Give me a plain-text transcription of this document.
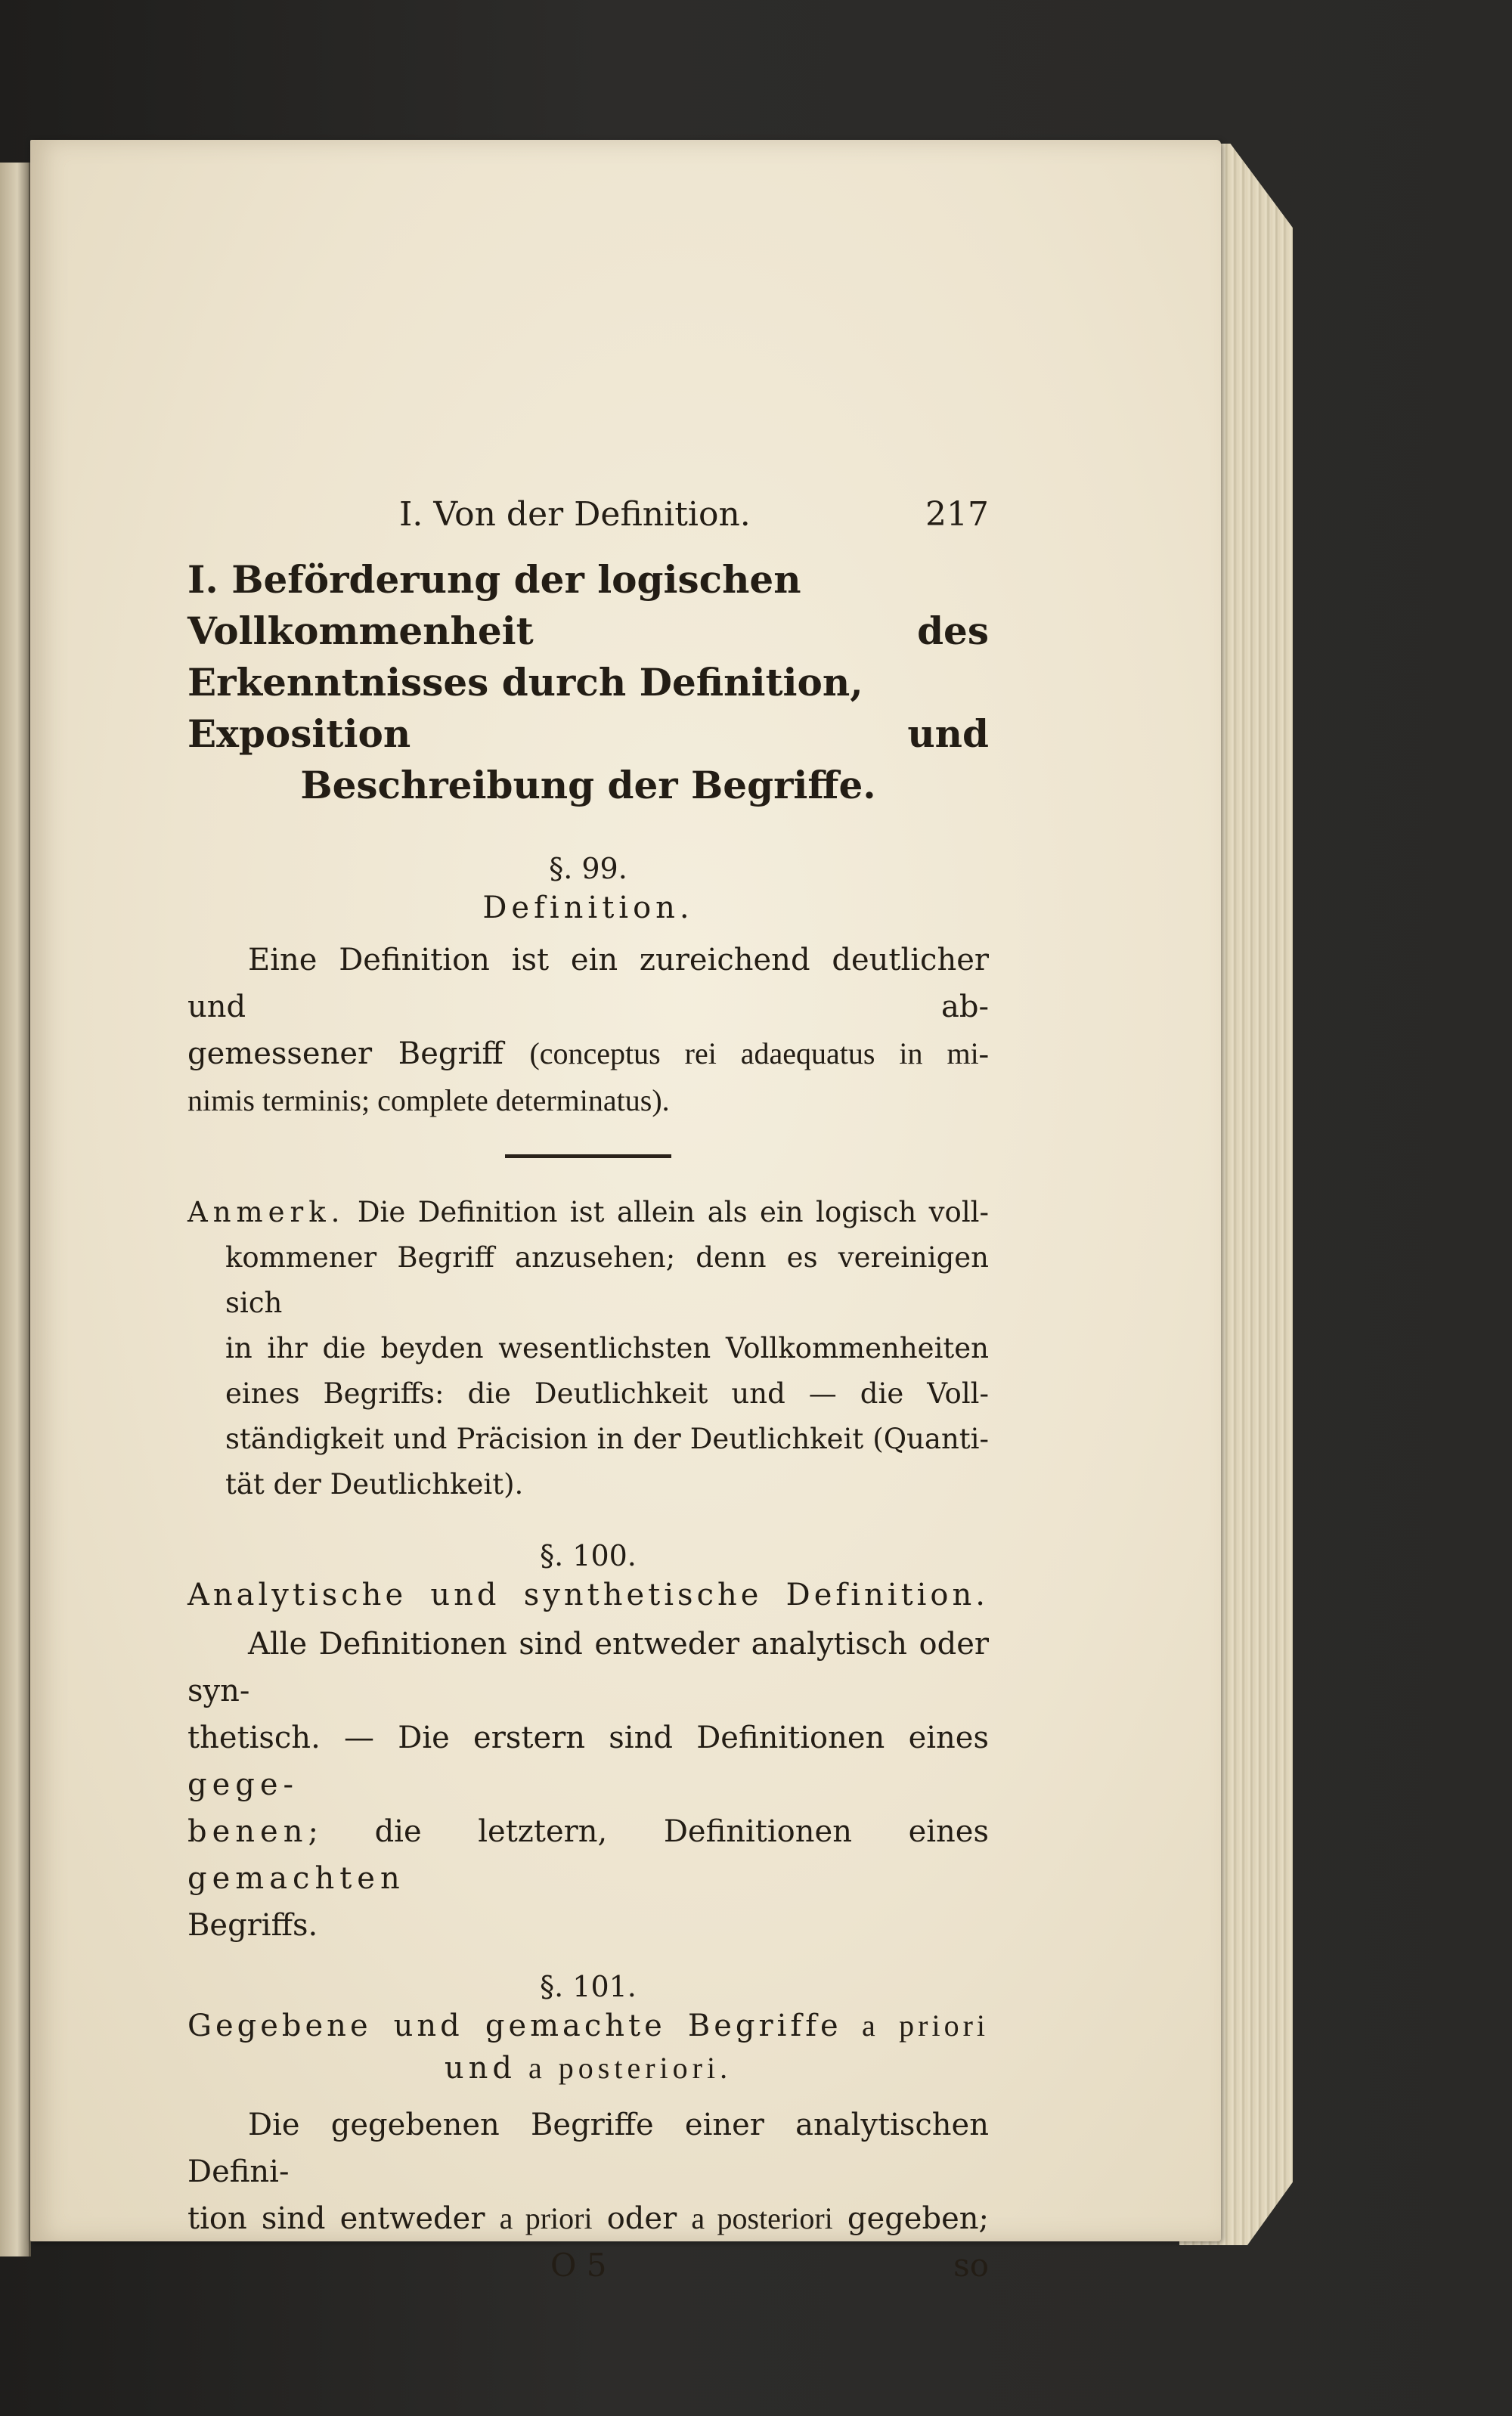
I. Von der Definition.	217
I. Beförderung der logischen Vollkommenheit des
Erkenntnisses durch Definition, Exposition und
Beschreibung der Begriffe.
§. 99.
Definition.

Eine Definition ist ein zureichend deutlicher und ab-

gemessener Begriff (conceptus rei adaequatus in mi-
nimis terminis; complete determinatus).
Anmerk. Die Definition ist allein als ein logisch voll-
kommener Begriff anzusehen; denn es vereinigen sich
in ihr die beyden wesentlichsten Vollkommenheiten
eines Begriffs: die Deutlichkeit und — die Voll-
ständigkeit und Präcision in der Deutlichkeit (Quanti-
tät der Deutlichkeit).
§. 100.
Analytische und synthetische Definition.

Alle Definitionen sind entweder analytisch oder syn-

thetisch. — Die erstern sind Definitionen eines gege-
benen; die letztern, Definitionen eines gemachten
Begriffs.
§. 101.
Gegebene und gemachte Begriffe a priori
und a posteriori.

Die gegebenen Begriffe einer analytischen Defini-

tion sind entweder a priori oder a posteriori gegeben;
O 5	so
